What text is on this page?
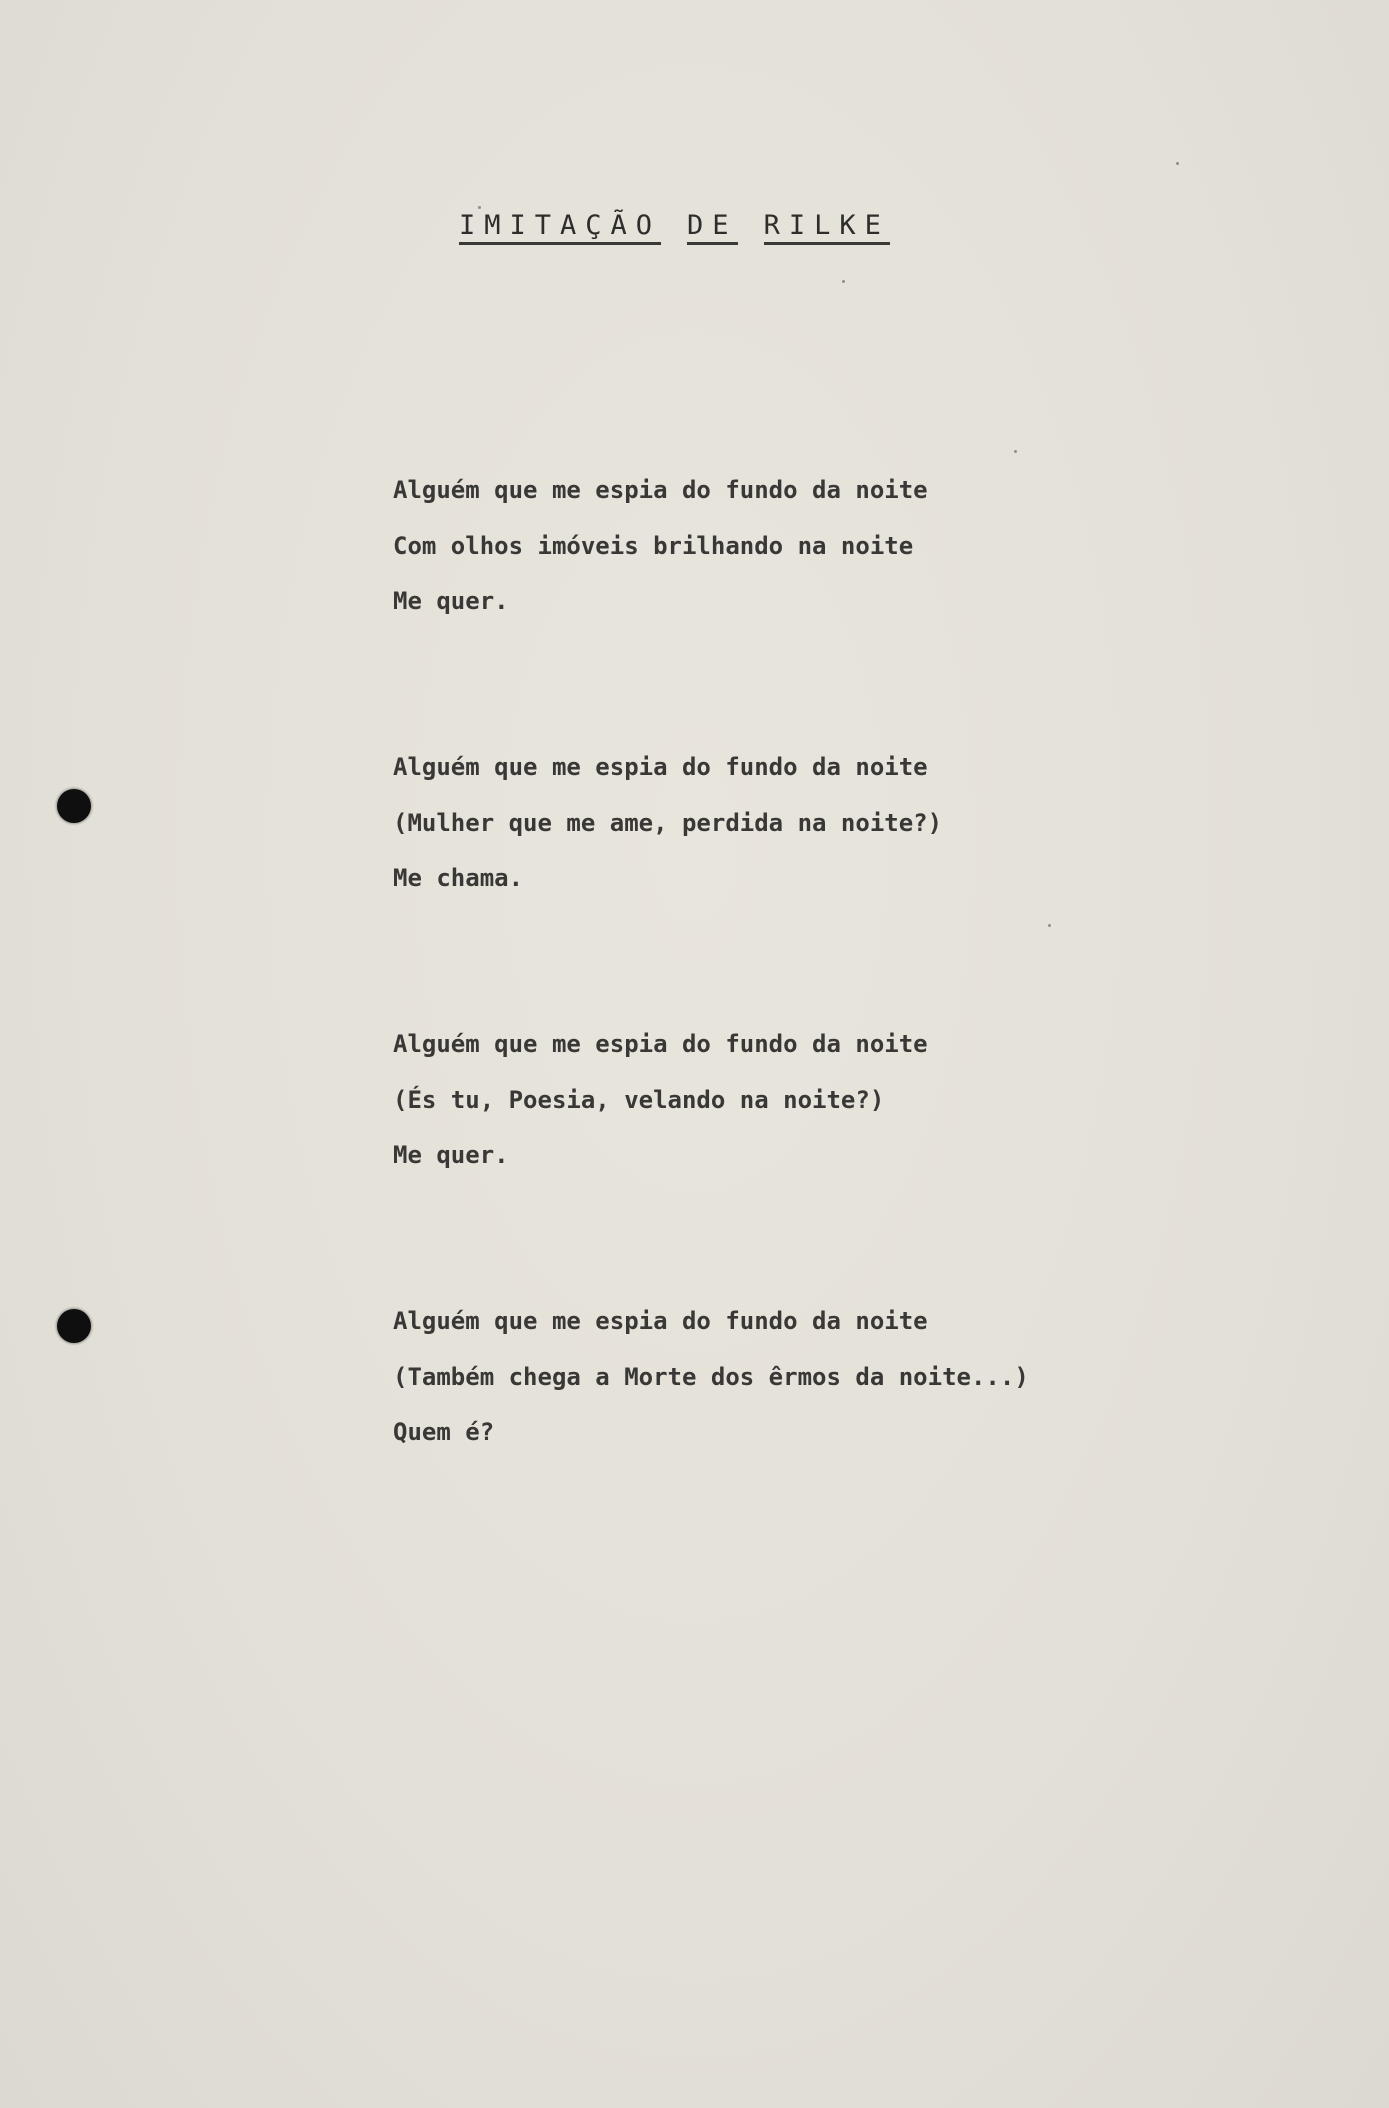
IMITAÇÃO DE RILKE
Alguém que me espia do fundo da noite
Com olhos imóveis brilhando na noite
Me quer.
Alguém que me espia do fundo da noite
(Mulher que me ame, perdida na noite?)
Me chama.
Alguém que me espia do fundo da noite
(És tu, Poesia, velando na noite?)
Me quer.
Alguém que me espia do fundo da noite
(Também chega a Morte dos êrmos da noite...)
Quem é?
